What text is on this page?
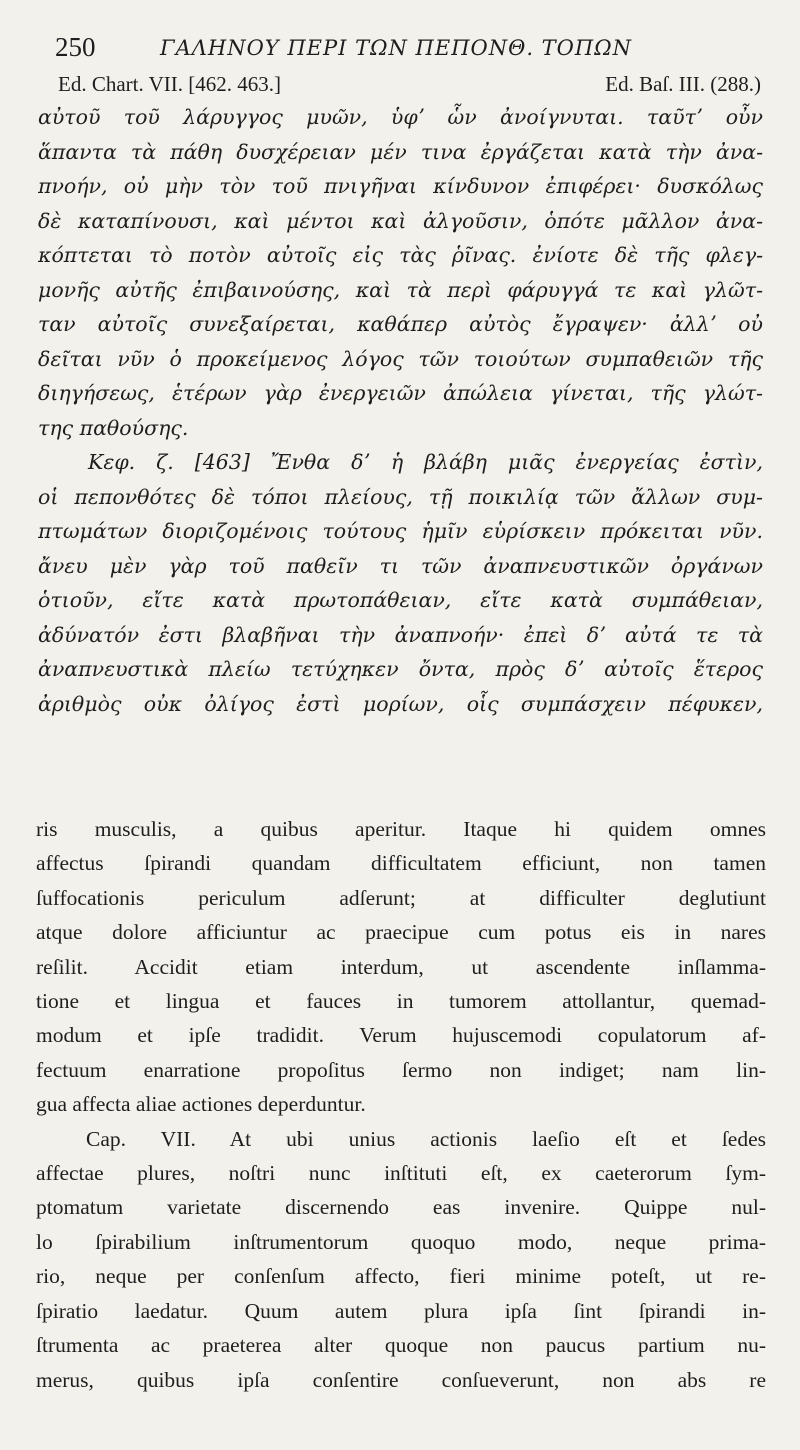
250	ΓΑΛΗΝΟΥ ΠΕΡΙ ΤΩΝ ΠΕΠΟΝΘ. ΤΟΠΩΝ
Ed. Chart. VII. [462. 463.]	Ed. Baſ. III. (288.)
αὐτοῦ τοῦ λάρυγγος μυῶν, ὑφʼ ὧν ἀνοίγνυται. ταῦτʼ οὖν
ἅπαντα τὰ πάθη δυσχέρειαν μέν τινα ἐργάζεται κατὰ τὴν ἀνα-
πνοήν, οὐ μὴν τὸν τοῦ πνιγῆναι κίνδυνον ἐπιφέρει· δυσκόλως
δὲ καταπίνουσι, καὶ μέντοι καὶ ἀλγοῦσιν, ὁπότε μᾶλλον ἀνα-
κόπτεται τὸ ποτὸν αὐτοῖς εἰς τὰς ῥῖνας. ἐνίοτε δὲ τῆς φλεγ-
μονῆς αὐτῆς ἐπιβαινούσης, καὶ τὰ περὶ φάρυγγά τε καὶ γλῶτ-
ταν αὐτοῖς συνεξαίρεται, καθάπερ αὐτὸς ἔγραψεν· ἀλλʼ οὐ
δεῖται νῦν ὁ προκείμενος λόγος τῶν τοιούτων συμπαθειῶν τῆς
διηγήσεως, ἑτέρων γὰρ ἐνεργειῶν ἀπώλεια γίνεται, τῆς γλώτ-
της παθούσης.
Κεφ. ζ. [463] Ἔνθα δʼ ἡ βλάβη μιᾶς ἐνεργείας ἐστὶν,
οἱ πεπονθότες δὲ τόποι πλείους, τῇ ποικιλίᾳ τῶν ἄλλων συμ-
πτωμάτων διοριζομένοις τούτους ἡμῖν εὑρίσκειν πρόκειται νῦν.
ἄνευ μὲν γὰρ τοῦ παθεῖν τι τῶν ἀναπνευστικῶν ὀργάνων
ὁτιοῦν, εἴτε κατὰ πρωτοπάθειαν, εἴτε κατὰ συμπάθειαν,
ἀδύνατόν ἐστι βλαβῆναι τὴν ἀναπνοήν· ἐπεὶ δʼ αὐτά τε τὰ
ἀναπνευστικὰ πλείω τετύχηκεν ὄντα, πρὸς δʼ αὐτοῖς ἕτερος
ἀριθμὸς οὐκ ὀλίγος ἐστὶ μορίων, οἷς συμπάσχειν πέφυκεν,
ris musculis, a quibus aperitur. Itaque hi quidem omnes
affectus ſpirandi quandam difficultatem efficiunt, non tamen
ſuffocationis periculum adſerunt; at difficulter deglutiunt
atque dolore afficiuntur ac praecipue cum potus eis in nares
reſilit. Accidit etiam interdum, ut ascendente inſlamma-
tione et lingua et fauces in tumorem attollantur, quemad-
modum et ipſe tradidit. Verum hujuscemodi copulatorum af-
fectuum enarratione propoſitus ſermo non indiget; nam lin-
gua affecta aliae actiones deperduntur.
Cap. VII. At ubi unius actionis laeſio eſt et ſedes
affectae plures, noſtri nunc inſtituti eſt, ex caeterorum ſym-
ptomatum varietate discernendo eas invenire. Quippe nul-
lo ſpirabilium inſtrumentorum quoquo modo, neque prima-
rio, neque per conſenſum affecto, fieri minime poteſt, ut re-
ſpiratio laedatur. Quum autem plura ipſa ſint ſpirandi in-
ſtrumenta ac praeterea alter quoque non paucus partium nu-
merus, quibus ipſa conſentire conſueverunt, non abs re
